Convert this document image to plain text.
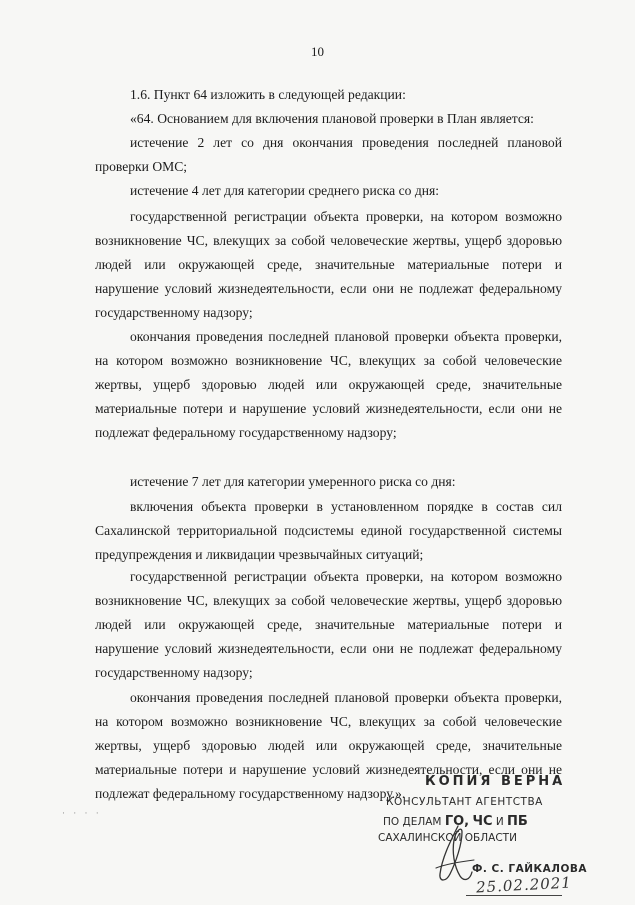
10

1.6. Пункт 64 изложить в следующей редакции:

«64. Основанием для включения плановой проверки в План является:

истечение 2 лет со дня окончания проведения последней плановой проверки ОМС;

истечение 4 лет для категории среднего риска со дня:

государственной регистрации объекта проверки, на котором возможно возникновение ЧС, влекущих за собой человеческие жертвы, ущерб здоровью людей или окружающей среде, значительные материальные потери и нарушение условий жизнедеятельности, если они не подлежат федеральному государственному надзору;

окончания проведения последней плановой проверки объекта проверки, на котором возможно возникновение ЧС, влекущих за собой человеческие жертвы, ущерб здоровью людей или окружающей среде, значительные материальные потери и нарушение условий жизнедеятельности, если они не подлежат федеральному государственному надзору;

истечение 7 лет для категории умеренного риска со дня:

включения объекта проверки в установленном порядке в состав сил Сахалинской территориальной подсистемы единой государственной системы предупреждения и ликвидации чрезвычайных ситуаций;

государственной регистрации объекта проверки, на котором возможно возникновение ЧС, влекущих за собой человеческие жертвы, ущерб здоровью людей или окружающей среде, значительные материальные потери и нарушение условий жизнедеятельности, если они не подлежат федеральному государственному надзору;

окончания проведения последней плановой проверки объекта проверки, на котором возможно возникновение ЧС, влекущих за собой человеческие жертвы, ущерб здоровью людей или окружающей среде, значительные материальные потери и нарушение условий жизнедеятельности, если они не подлежат федеральному государственному надзору.».

· · · ·
КОПИЯ ВЕРНА
КОНСУЛЬТАНТ АГЕНТСТВА
ПО ДЕЛАМ ГО, ЧС И ПБ
САХАЛИНСКОЙ ОБЛАСТИ
Ф. С. ГАЙКАЛОВА
25.02.2021
